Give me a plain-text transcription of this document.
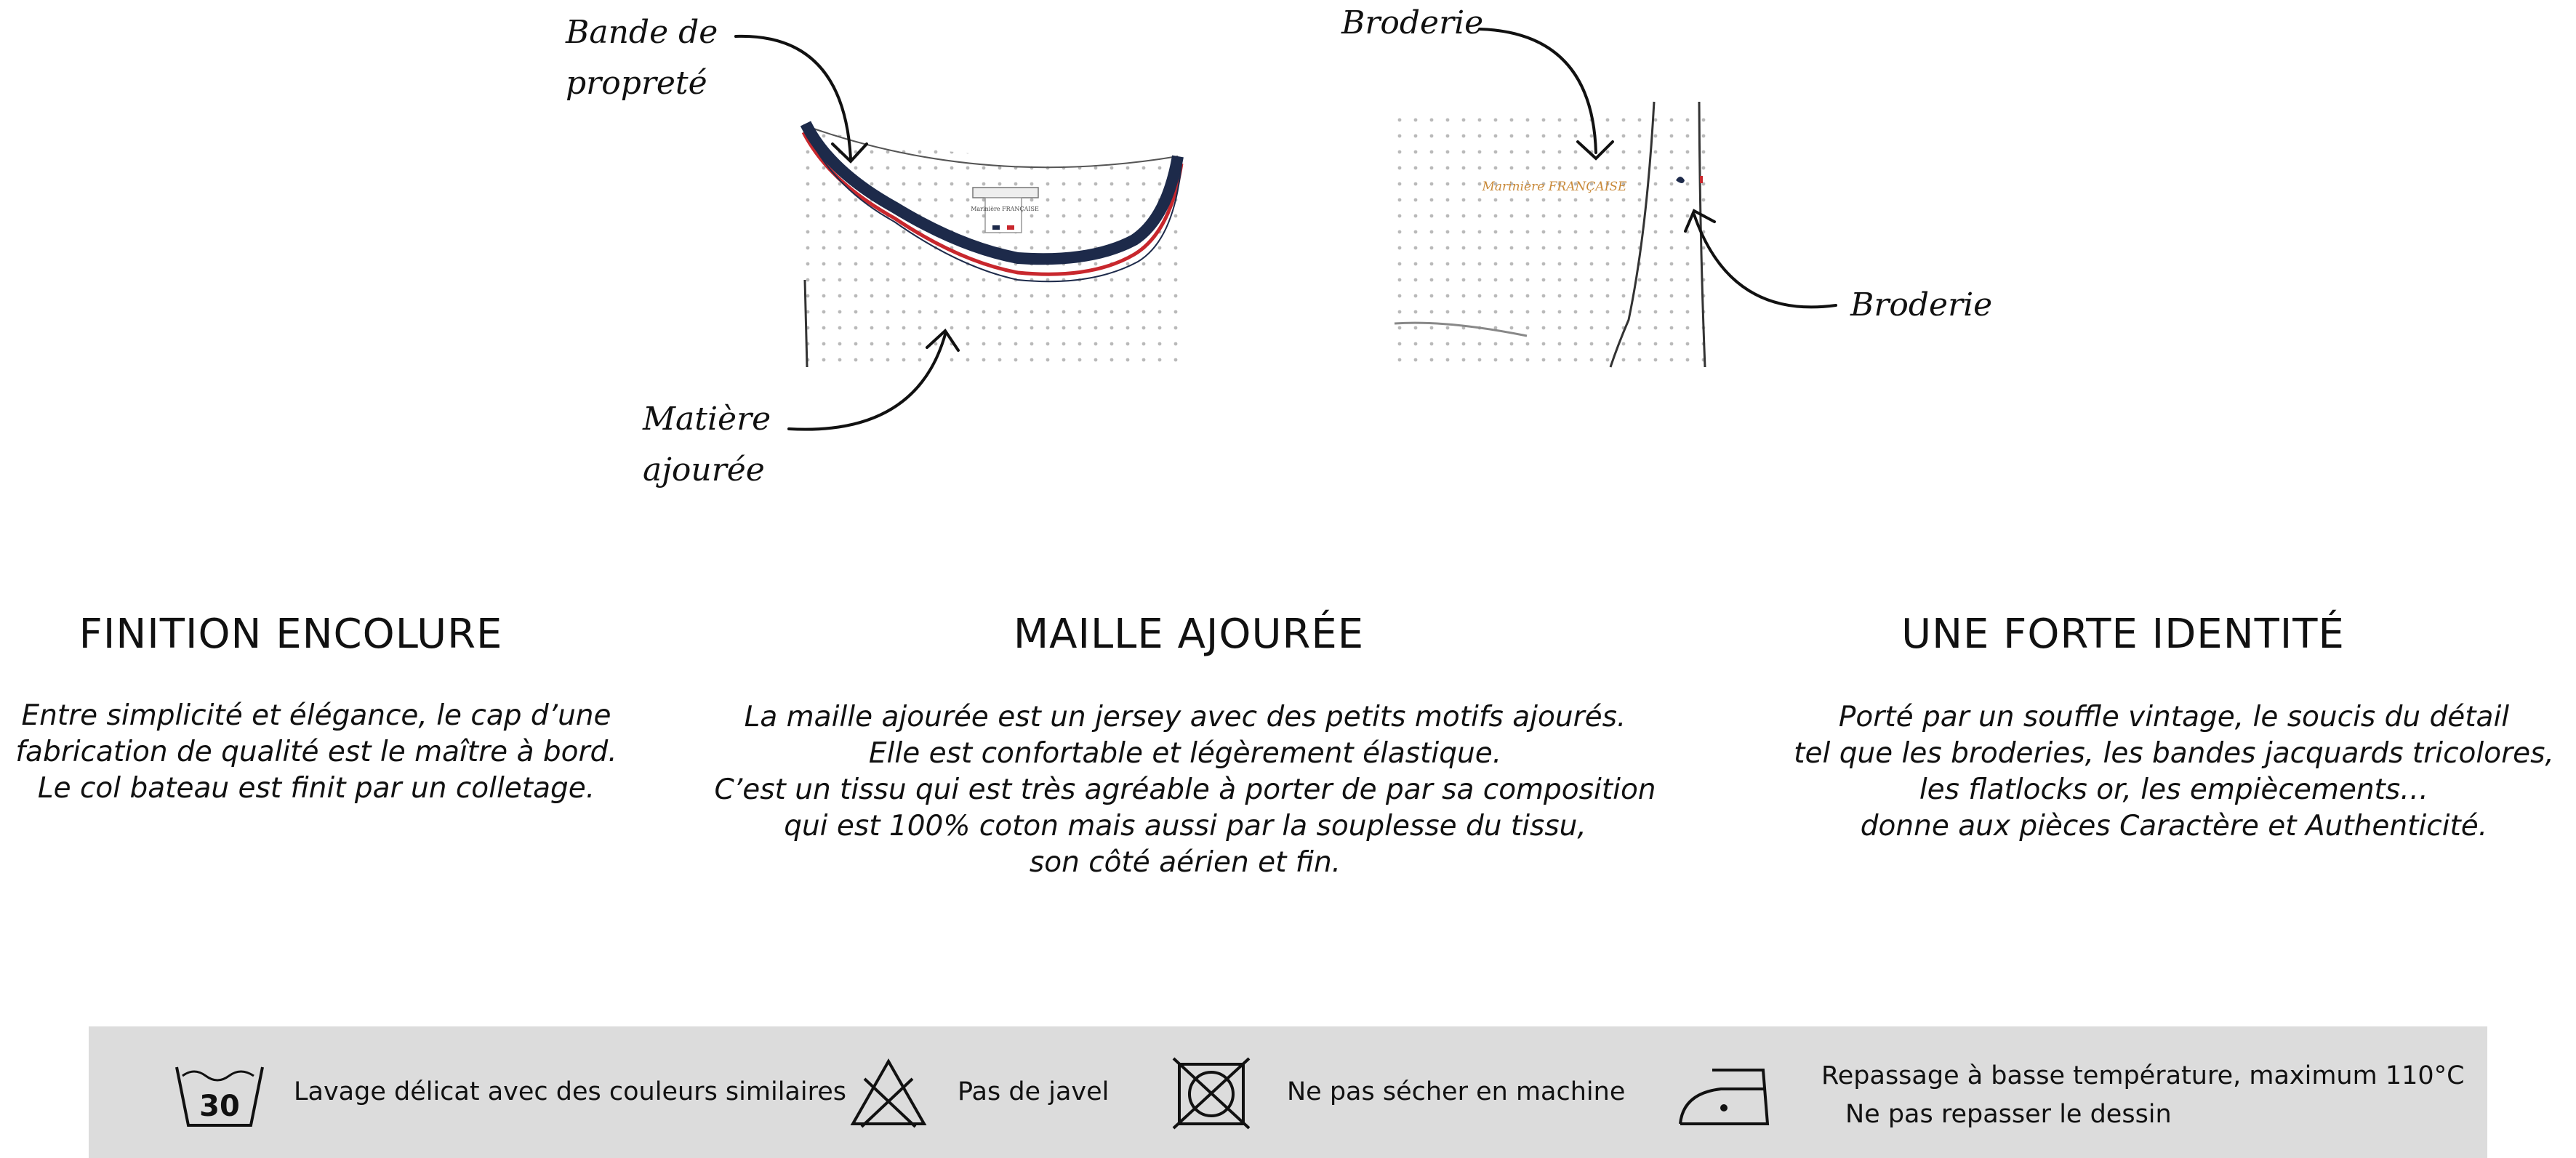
Marinière FRANÇAISE
Marinière FRANÇAISE
Bande de
propreté
Matière
ajourée
Broderie
Broderie
FINITION ENCOLURE
Entre simplicité et élégance, le cap d’une
fabrication de qualité est le maître à bord.
Le col bateau est finit par un colletage.
MAILLE AJOURÉE
La maille ajourée est un jersey avec des petits motifs ajourés.
Elle est confortable et légèrement élastique.
C’est un tissu qui est très agréable à porter de par sa composition
qui est 100% coton mais aussi par la souplesse du tissu,
son côté aérien et fin.
UNE FORTE IDENTITÉ
Porté par un souffle vintage, le soucis du détail
tel que les broderies, les bandes jacquards tricolores,
les flatlocks or, les empiècements…
donne aux pièces Caractère et Authenticité.
30 Lavage délicat avec des couleurs similaires	Pas de javel	Ne pas sécher en machine
Repassage à basse température, maximum 110°C
Ne pas repasser le dessin
